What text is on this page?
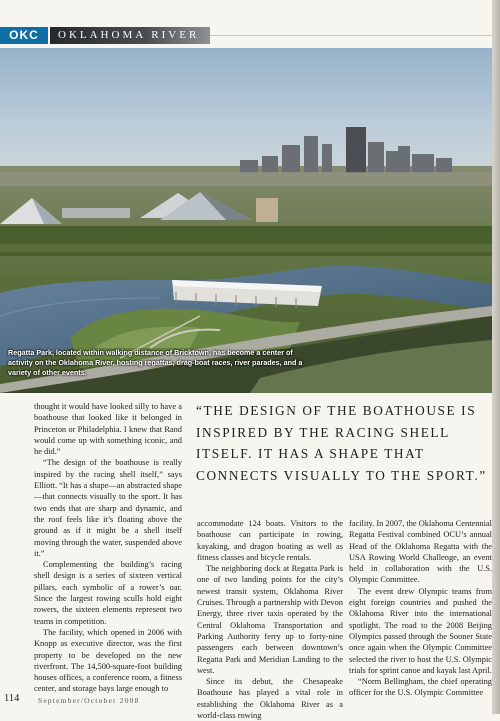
OKC	OKLAHOMA RIVER
Regatta Park, located within walking distance of Bricktown, has become a center of activity on the Oklahoma River, hosting regattas, drag-boat races, river parades, and a variety of other events.

thought it would have looked silly to have a boathouse that looked like it belonged in Princeton or Philadelphia. I knew that Rand would come up with something iconic, and he did.”

“The design of the boathouse is really inspired by the racing shell itself,” says Elliott. “It has a shape—an abstracted shape—that connects visually to the sport. It has two ends that are sharp and dynamic, and the roof feels like it’s floating above the ground as if it might be a shell itself moving through the water, suspended above it.”

Complementing the building’s racing shell design is a series of sixteen vertical pillars, each symbolic of a rower’s oar. Since the largest rowing sculls hold eight rowers, the sixteen elements represent two teams in competition.

The facility, which opened in 2006 with Knopp as executive director, was the first property to be developed on the new riverfront. The 14,500-square-foot building houses offices, a conference room, a fitness center, and storage bays large enough to

“THE DESIGN OF THE BOATHOUSE IS INSPIRED BY THE RACING SHELL ITSELF. IT HAS A SHAPE THAT CONNECTS VISUALLY TO THE SPORT.”

accommodate 124 boats. Visitors to the boathouse can participate in rowing, kayaking, and dragon boating as well as fitness classes and bicycle rentals.

The neighboring dock at Regatta Park is one of two landing points for the city’s newest transit system, Oklahoma River Cruises. Through a partnership with Devon Energy, three river taxis operated by the Central Oklahoma Transportation and Parking Authority ferry up to forty-nine passengers each between downtown’s Regatta Park and Meridian Landing to the west.

Since its debut, the Chesapeake Boathouse has played a vital role in establishing the Oklahoma River as a world-class rowing

facility. In 2007, the Oklahoma Centennial Regatta Festival combined OCU’s annual Head of the Oklahoma Regatta with the USA Rowing World Challenge, an event held in collaboration with the U.S. Olympic Committee.

The event drew Olympic teams from eight foreign countries and pushed the Oklahoma River into the international spotlight. The road to the 2008 Beijing Olympics passed through the Sooner State once again when the Olympic Committee selected the river to host the U.S. Olympic trials for sprint canoe and kayak last April.

“Norm Bellingham, the chief operating officer for the U.S. Olympic Committee

114 September/October 2008
